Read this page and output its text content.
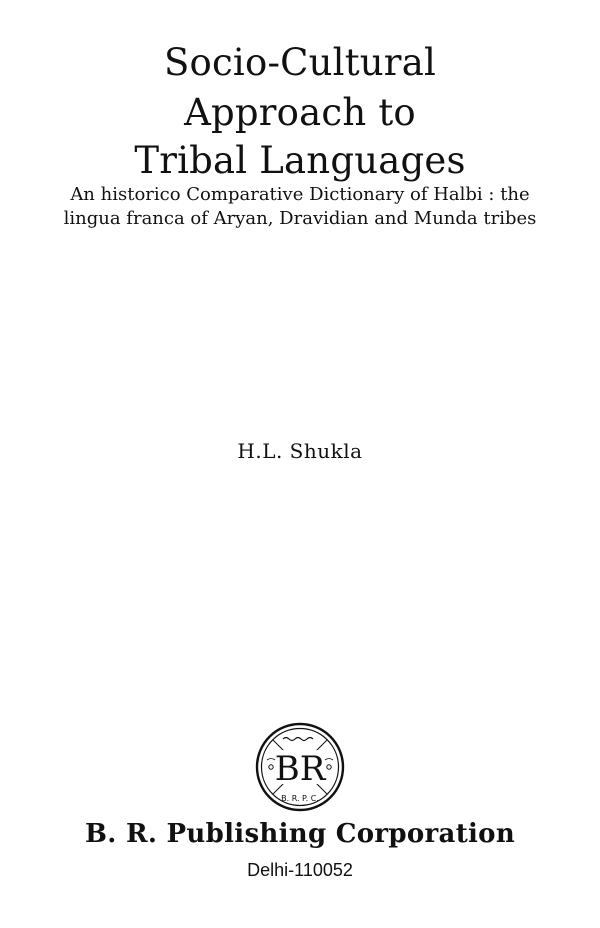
Socio-Cultural
Approach to
Tribal Languages
An historico Comparative Dictionary of Halbi : the
lingua franca of Aryan, Dravidian and Munda tribes
H.L. Shukla
BR
B. R. P. C.
B. R. Publishing Corporation
Delhi-110052
